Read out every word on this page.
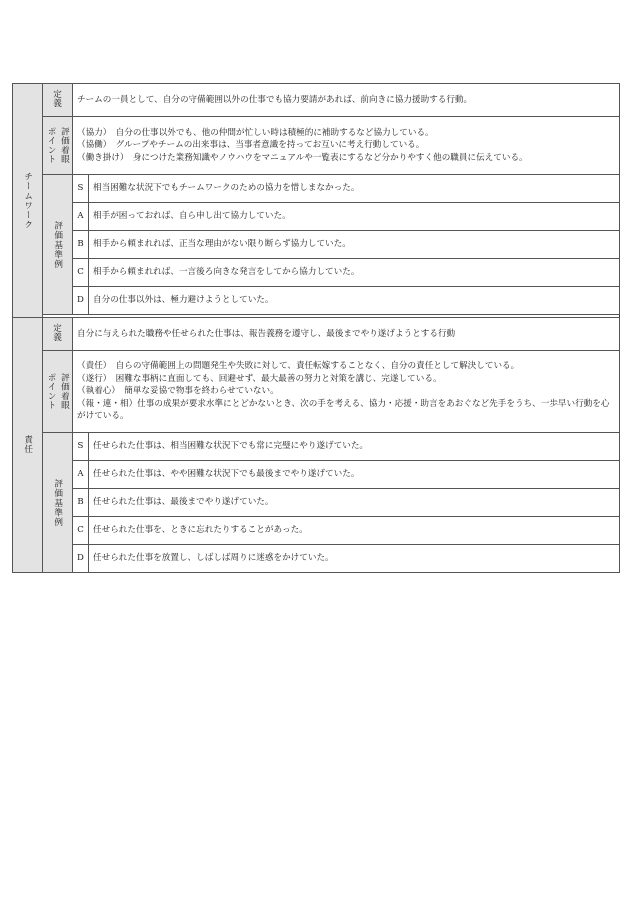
チームワーク	定義	チームの一員として、自分の守備範囲以外の仕事でも協力要請があれば、前向きに協力援助する行動。	

	評価着眼
ポイント	（協力）　自分の仕事以外でも、他の仲間が忙しい時は積極的に補助するなど協力している。
（協働）　グループやチームの出来事は、当事者意識を持ってお互いに考え行動している。
（働き掛け）　身につけた業務知識やノウハウをマニュアルや一覧表にするなど分かりやすく他の職員に伝えている。	

	評価基準例	S	相当困難な状況下でもチームワークのための協力を惜しまなかった。
		A	相手が困っておれば、自ら申し出て協力していた。
		B	相手から頼まれれば、正当な理由がない限り断らず協力していた。
		C	相手から頼まれれば、一言後ろ向きな発言をしてから協力していた。
		D	自分の仕事以外は、極力避けようとしていた。

責任	定義	自分に与えられた職務や任せられた仕事は、報告義務を遵守し、最後までやり遂げようとする行動	

	評価着眼
ポイント	（責任）　自らの守備範囲上の問題発生や失敗に対して、責任転嫁することなく、自分の責任として解決している。
（遂行）　困難な事柄に直面しても、回避せず、最大最善の努力と対策を講じ、完遂している。
（執着心）　簡単な妥協で物事を終わらせていない。
（報・連・相）仕事の成果が要求水準にとどかないとき、次の手を考える、協力・応援・助言をあおぐなど先手をうち、一歩早い行動を心がけている。	

	評価基準例	S	任せられた仕事は、相当困難な状況下でも常に完璧にやり遂げていた。
		A	任せられた仕事は、やや困難な状況下でも最後までやり遂げていた。
		B	任せられた仕事は、最後までやり遂げていた。
		C	任せられた仕事を、ときに忘れたりすることがあった。
		D	任せられた仕事を放置し、しばしば周りに迷惑をかけていた。
